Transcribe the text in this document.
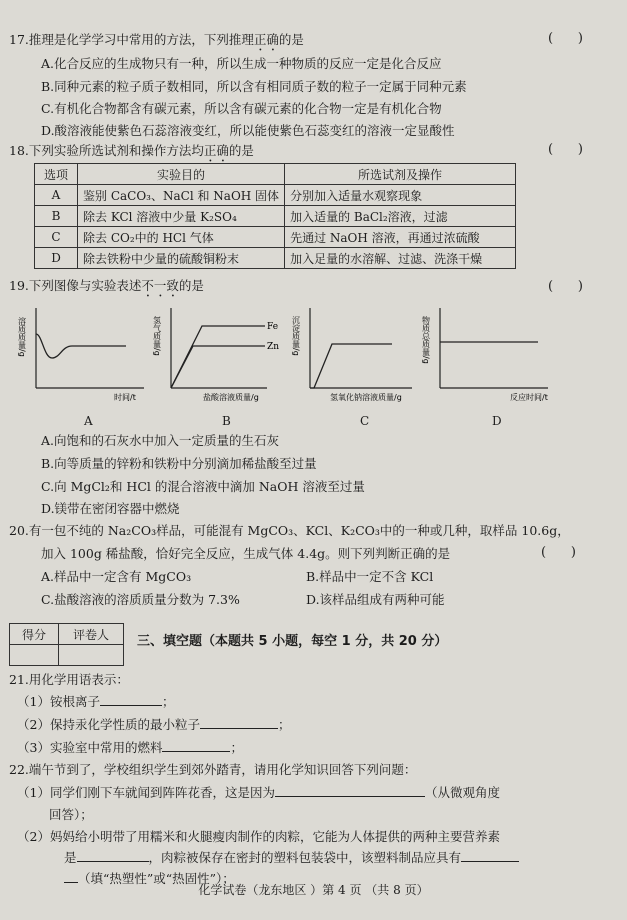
17.推理是化学学习中常用的方法，下列推理正确的是	(      )
A.化合反应的生成物只有一种，所以生成一种物质的反应一定是化合反应
B.同种元素的粒子质子数相同，所以含有相同质子数的粒子一定属于同种元素
C.有机化合物都含有碳元素，所以含有碳元素的化合物一定是有机化合物
D.酸溶液能使紫色石蕊溶液变红，所以能使紫色石蕊变红的溶液一定显酸性
18.下列实验所选试剂和操作方法均正确的是	(      )
选项	实验目的	所选试剂及操作
A	鉴别 CaCO₃、NaCl 和 NaOH 固体	分别加入适量水观察现象
B	除去 KCl 溶液中少量 K₂SO₄	加入适量的 BaCl₂溶液，过滤
C	除去 CO₂中的 HCl 气体	先通过 NaOH 溶液，再通过浓硫酸
D	除去铁粉中少量的硫酸铜粉末	加入足量的水溶解、过滤、洗涤干燥
19.下列图像与实验表述不一致的是	(      )
溶质质量/g
时间/t
A
氢气质量/g	Fe
Zn
盐酸溶液质量/g
B
沉淀质量/g
氢氧化钠溶液质量/g
C
物质总质量/g
反应时间/t
D
A.向饱和的石灰水中加入一定质量的生石灰
B.向等质量的锌粉和铁粉中分别滴加稀盐酸至过量
C.向 MgCl₂和 HCl 的混合溶液中滴加 NaOH 溶液至过量
D.镁带在密闭容器中燃烧
20.有一包不纯的 Na₂CO₃样品，可能混有 MgCO₃、KCl、K₂CO₃中的一种或几种，取样品 10.6g，
加入 100g 稀盐酸，恰好完全反应，生成气体 4.4g。则下列判断正确的是	(      )
A.样品中一定含有 MgCO₃	B.样品中一定不含 KCl
C.盐酸溶液的溶质质量分数为 7.3%	D.该样品组成有两种可能
得分	评卷人
	三、填空题（本题共 5 小题，每空 1 分，共 20 分）
21.用化学用语表示：
（1）铵根离子	；
（2）保持汞化学性质的最小粒子	；
（3）实验室中常用的燃料	；
22.端午节到了，学校组织学生到郊外踏青，请用化学知识回答下列问题：
（1）同学们刚下车就闻到阵阵花香，这是因为	（从微观角度
回答）；
（2）妈妈给小明带了用糯米和火腿瘦肉制作的肉粽，它能为人体提供的两种主要营养素
是	，肉粽被保存在密封的塑料包装袋中，该塑料制品应具有
（填“热塑性”或“热固性”）；
化学试卷（龙东地区 ）第 4 页 （共 8 页）
